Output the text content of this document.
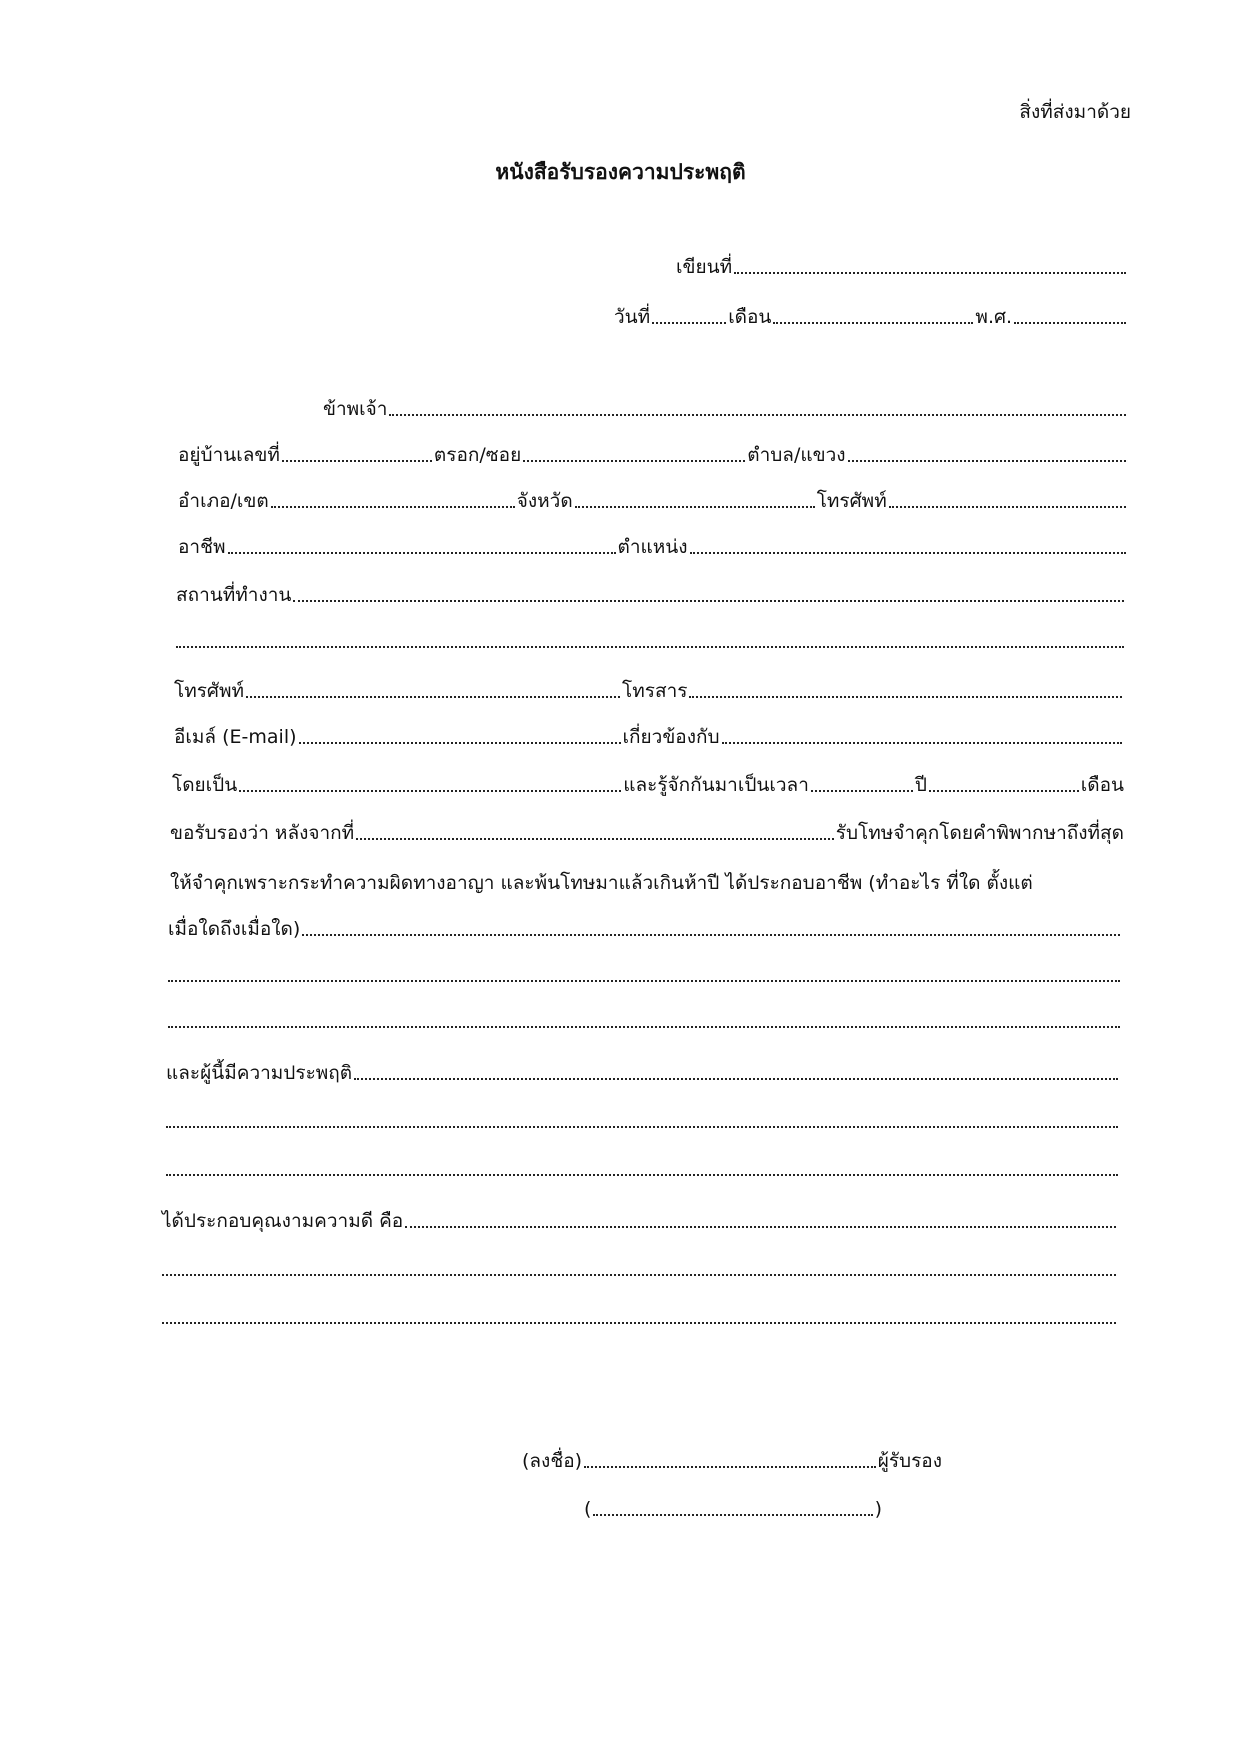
สิ่งที่ส่งมาด้วย
หนังสือรับรองความประพฤติ
เขียนที่
วันที่	เดือน	พ.ศ.
ข้าพเจ้า
อยู่บ้านเลขที่	ตรอก/ซอย	ตำบล/แขวง
อำเภอ/เขต	จังหวัด	โทรศัพท์
อาชีพ	ตำแหน่ง
สถานที่ทำงาน
โทรศัพท์	โทรสาร
อีเมล์ (E-mail)	เกี่ยวข้องกับ
โดยเป็น	และรู้จักกันมาเป็นเวลา	ปี	เดือน
ขอรับรองว่า หลังจากที่	รับโทษจำคุกโดยคำพิพากษาถึงที่สุด
ให้จำคุกเพราะกระทำความผิดทางอาญา และพ้นโทษมาแล้วเกินห้าปี ได้ประกอบอาชีพ (ทำอะไร ที่ใด ตั้งแต่
เมื่อใดถึงเมื่อใด)
และผู้นี้มีความประพฤติ
ได้ประกอบคุณงามความดี คือ
(ลงชื่อ)	ผู้รับรอง
(	)
